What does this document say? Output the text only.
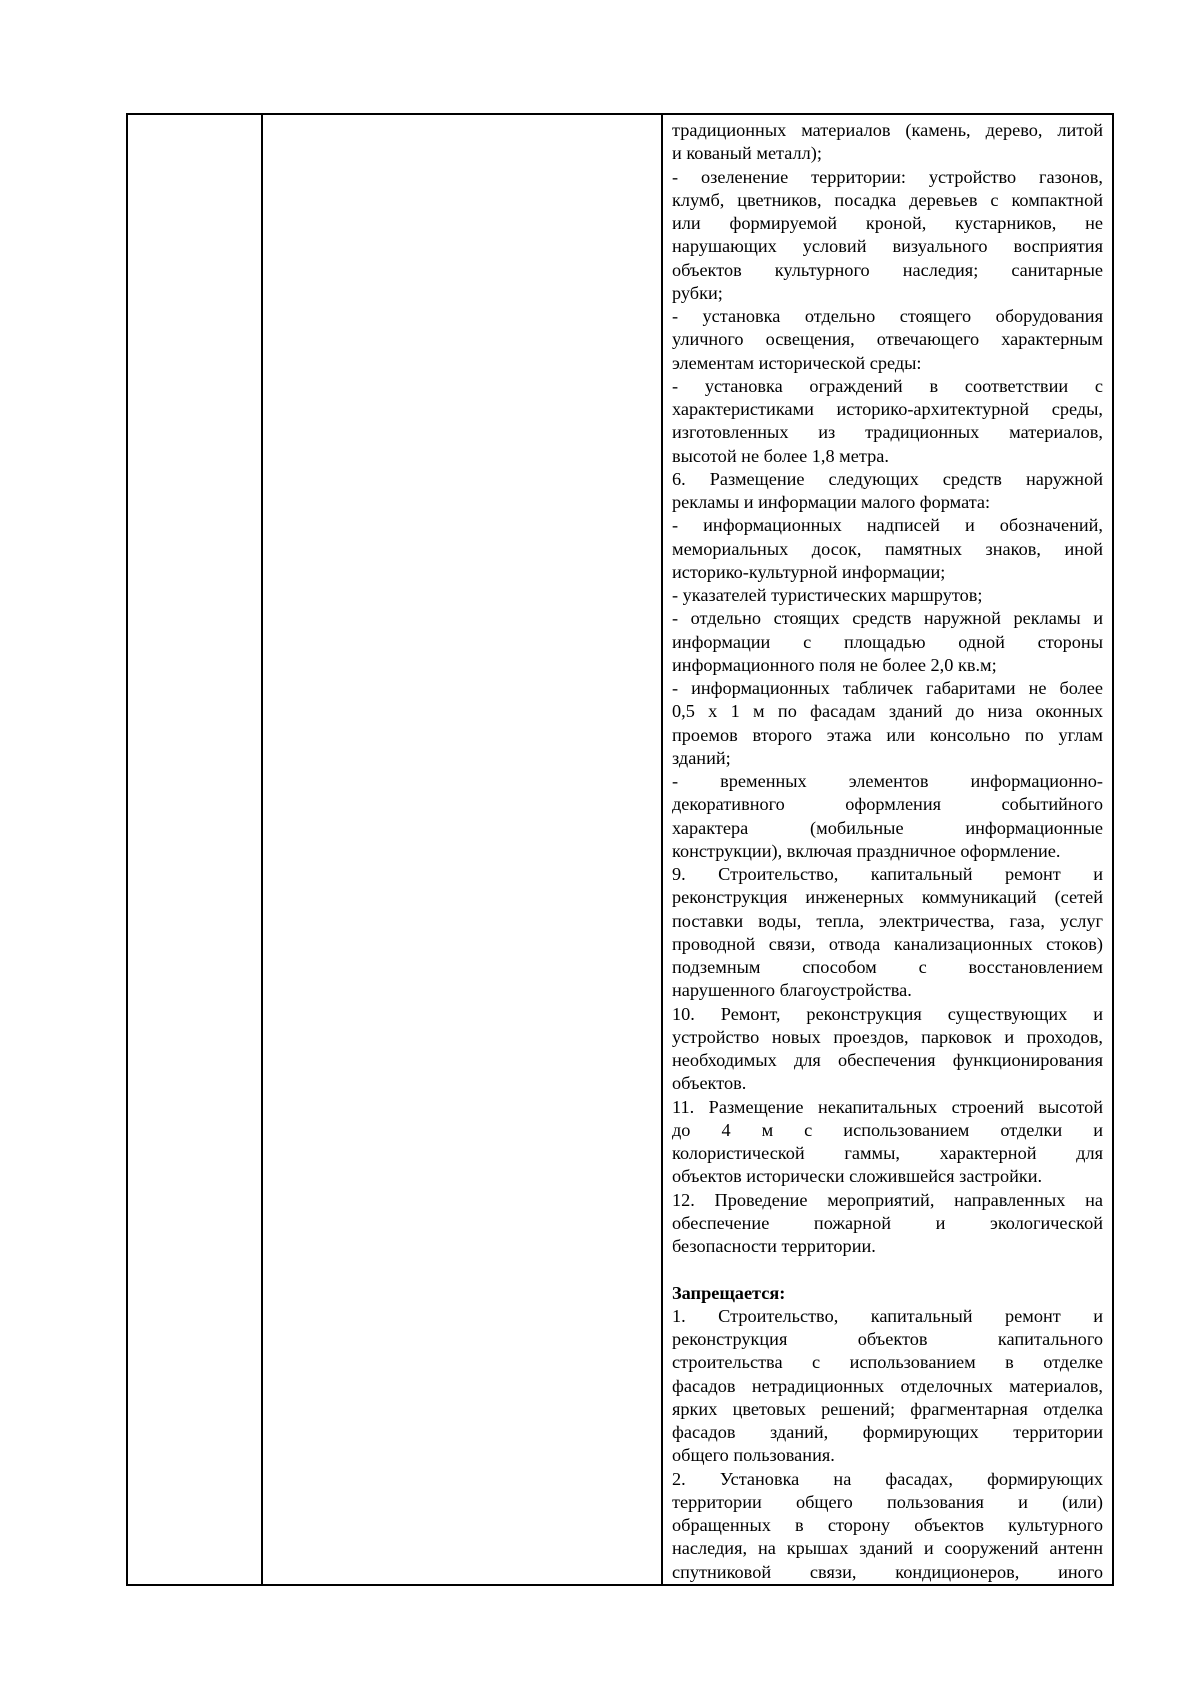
традиционных материалов (камень, дерево, литой
и кованый металл);
- озеленение территории: устройство газонов,
клумб, цветников, посадка деревьев с компактной
или формируемой кроной, кустарников, не
нарушающих условий визуального восприятия
объектов культурного наследия; санитарные
рубки;
- установка отдельно стоящего оборудования
уличного освещения, отвечающего характерным
элементам исторической среды:
- установка ограждений в соответствии с
характеристиками историко-архитектурной среды,
изготовленных из традиционных материалов,
высотой не более 1,8 метра.
6. Размещение следующих средств наружной
рекламы и информации малого формата:
- информационных надписей и обозначений,
мемориальных досок, памятных знаков, иной
историко-культурной информации;
- указателей туристических маршрутов;
- отдельно стоящих средств наружной рекламы и
информации с площадью одной стороны
информационного поля не более 2,0 кв.м;
- информационных табличек габаритами не более
0,5 х 1 м по фасадам зданий до низа оконных
проемов второго этажа или консольно по углам
зданий;
- временных элементов информационно-
декоративного оформления событийного
характера (мобильные информационные
конструкции), включая праздничное оформление.
9. Строительство, капитальный ремонт и
реконструкция инженерных коммуникаций (сетей
поставки воды, тепла, электричества, газа, услуг
проводной связи, отвода канализационных стоков)
подземным способом с восстановлением
нарушенного благоустройства.
10. Ремонт, реконструкция существующих и
устройство новых проездов, парковок и проходов,
необходимых для обеспечения функционирования
объектов.
11. Размещение некапитальных строений высотой
до 4 м с использованием отделки и
колористической гаммы, характерной для
объектов исторически сложившейся застройки.
12. Проведение мероприятий, направленных на
обеспечение пожарной и экологической
безопасности территории.
Запрещается:
1. Строительство, капитальный ремонт и
реконструкция объектов капитального
строительства с использованием в отделке
фасадов нетрадиционных отделочных материалов,
ярких цветовых решений; фрагментарная отделка
фасадов зданий, формирующих территории
общего пользования.
2. Установка на фасадах, формирующих
территории общего пользования и (или)
обращенных в сторону объектов культурного
наследия, на крышах зданий и сооружений антенн
спутниковой связи, кондиционеров, иного
